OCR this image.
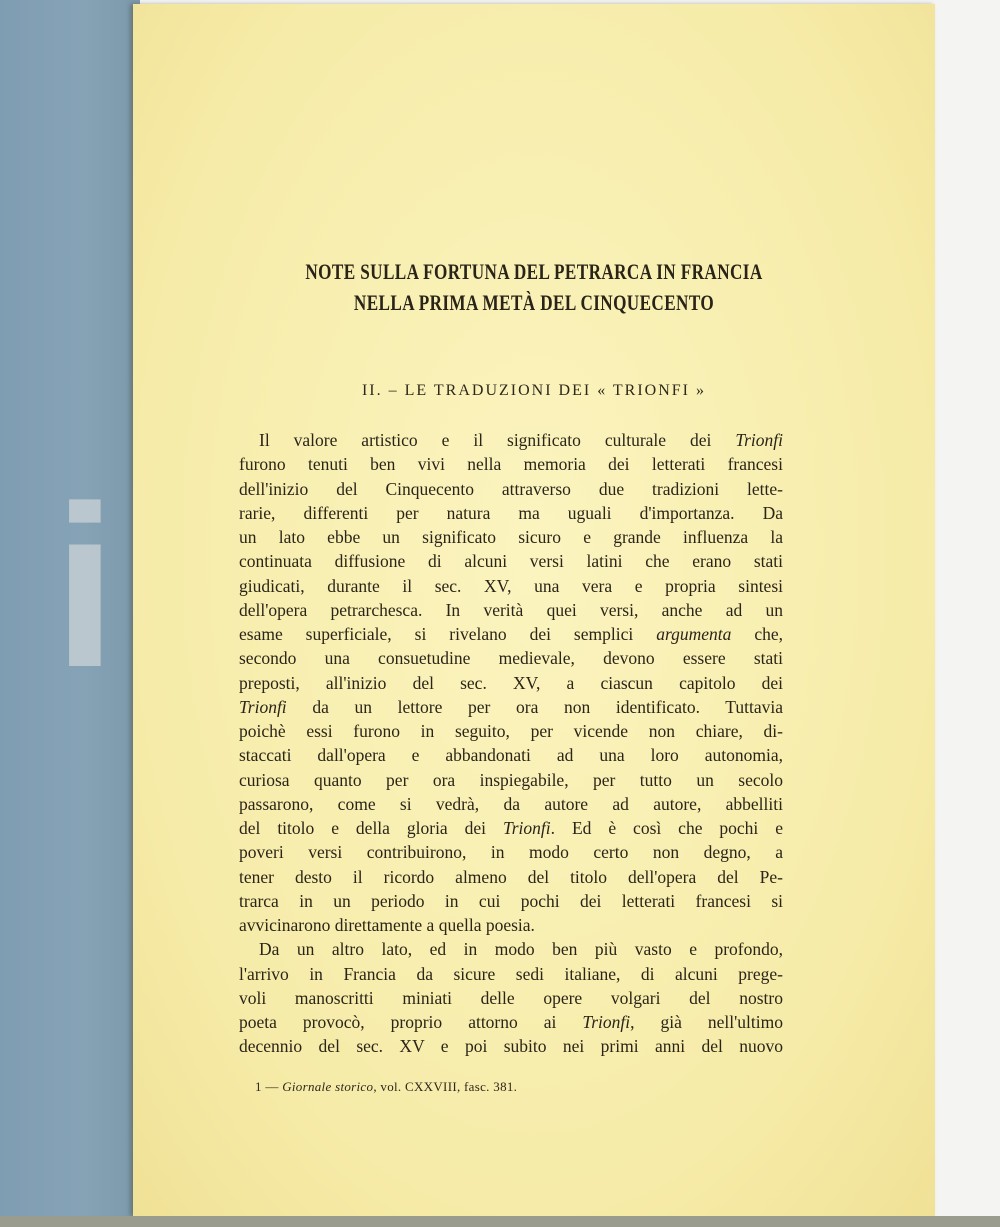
i
NOTE SULLA FORTUNA DEL PETRARCA IN FRANCIA
NELLA PRIMA METÀ DEL CINQUECENTO
II. – LE TRADUZIONI DEI « TRIONFI »
Il valore artistico e il significato culturale dei Trionfi
furono tenuti ben vivi nella memoria dei letterati francesi
dell'inizio del Cinquecento attraverso due tradizioni lette-
rarie, differenti per natura ma uguali d'importanza. Da
un lato ebbe un significato sicuro e grande influenza la
continuata diffusione di alcuni versi latini che erano stati
giudicati, durante il sec. XV, una vera e propria sintesi
dell'opera petrarchesca. In verità quei versi, anche ad un
esame superficiale, si rivelano dei semplici argumenta che,
secondo una consuetudine medievale, devono essere stati
preposti, all'inizio del sec. XV, a ciascun capitolo dei
Trionfi da un lettore per ora non identificato. Tuttavia
poichè essi furono in seguito, per vicende non chiare, di-
staccati dall'opera e abbandonati ad una loro autonomia,
curiosa quanto per ora inspiegabile, per tutto un secolo
passarono, come si vedrà, da autore ad autore, abbelliti
del titolo e della gloria dei Trionfi. Ed è così che pochi e
poveri versi contribuirono, in modo certo non degno, a
tener desto il ricordo almeno del titolo dell'opera del Pe-
trarca in un periodo in cui pochi dei letterati francesi si
avvicinarono direttamente a quella poesia.
Da un altro lato, ed in modo ben più vasto e profondo,
l'arrivo in Francia da sicure sedi italiane, di alcuni prege-
voli manoscritti miniati delle opere volgari del nostro
poeta provocò, proprio attorno ai Trionfi, già nell'ultimo
decennio del sec. XV e poi subito nei primi anni del nuovo
1 — Giornale storico, vol. CXXVIII, fasc. 381.
